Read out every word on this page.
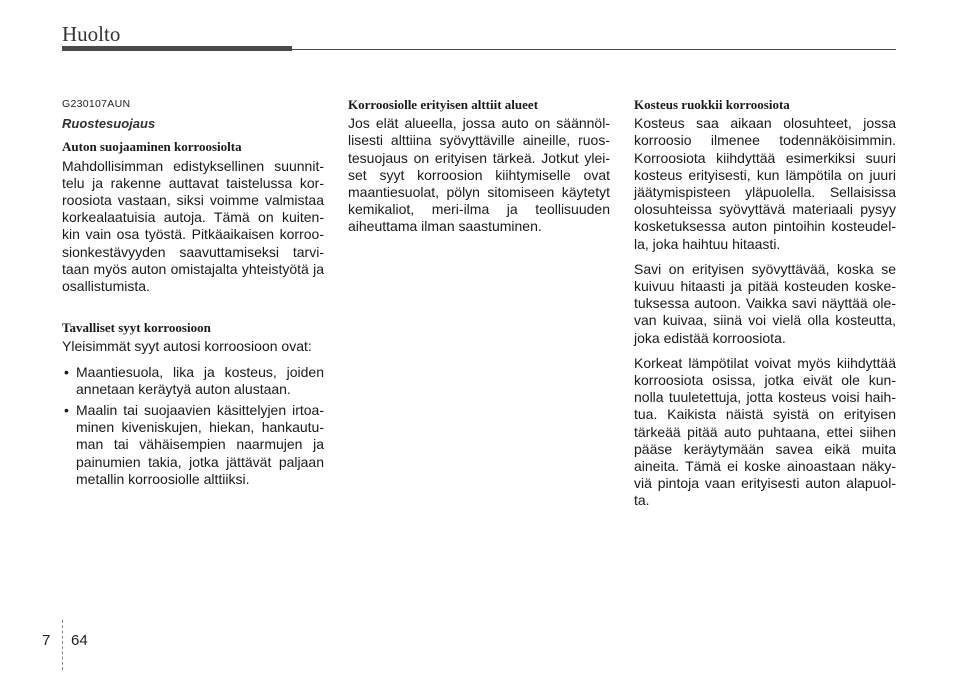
Huolto
G230107AUN
Ruostesuojaus
Auton suojaaminen korroosiolta

Mahdollisimman edistyksellinen suunnit- telu ja rakenne auttavat taistelussa kor- roosiota vastaan, siksi voimme valmistaa korkealaatuisia autoja. Tämä on kuiten- kin vain osa työstä. Pitkäaikaisen korroo- sionkestävyyden saavuttamiseksi tarvi- taan myös auton omistajalta yhteistyötä ja osallistumista.

Tavalliset syyt korroosioon

Yleisimmät syyt autosi korroosioon ovat:

• Maantiesuola, lika ja kosteus, joiden annetaan keräytyä auton alustaan.
• Maalin tai suojaavien käsittelyjen irtoa- minen kiveniskujen, hiekan, hankautu- man tai vähäisempien naarmujen ja painumien takia, jotka jättävät paljaan metallin korroosiolle alttiiksi.
Korroosiolle erityisen alttiit alueet

Jos elät alueella, jossa auto on säännöl- lisesti alttiina syövyttäville aineille, ruos- tesuojaus on erityisen tärkeä. Jotkut ylei- set syyt korroosion kiihtymiselle ovat maantiesuolat, pölyn sitomiseen käytetyt kemikaliot, meri-ilma ja teollisuuden aiheuttama ilman saastuminen.

Kosteus ruokkii korroosiota

Kosteus saa aikaan olosuhteet, jossa korroosio ilmenee todennäköisimmin. Korroosiota kiihdyttää esimerkiksi suuri kosteus erityisesti, kun lämpötila on juuri jäätymispisteen yläpuolella. Sellaisissa olosuhteissa syövyttävä materiaali pysyy kosketuksessa auton pintoihin kosteudel- la, joka haihtuu hitaasti.

Savi on erityisen syövyttävää, koska se kuivuu hitaasti ja pitää kosteuden koske- tuksessa autoon. Vaikka savi näyttää ole- van kuivaa, siinä voi vielä olla kosteutta, joka edistää korroosiota.

Korkeat lämpötilat voivat myös kiihdyttää korroosiota osissa, jotka eivät ole kun- nolla tuuletettuja, jotta kosteus voisi haih- tua. Kaikista näistä syistä on erityisen tärkeää pitää auto puhtaana, ettei siihen pääse keräytymään savea eikä muita aineita. Tämä ei koske ainoastaan näky- viä pintoja vaan erityisesti auton alapuol- ta.

7 64
